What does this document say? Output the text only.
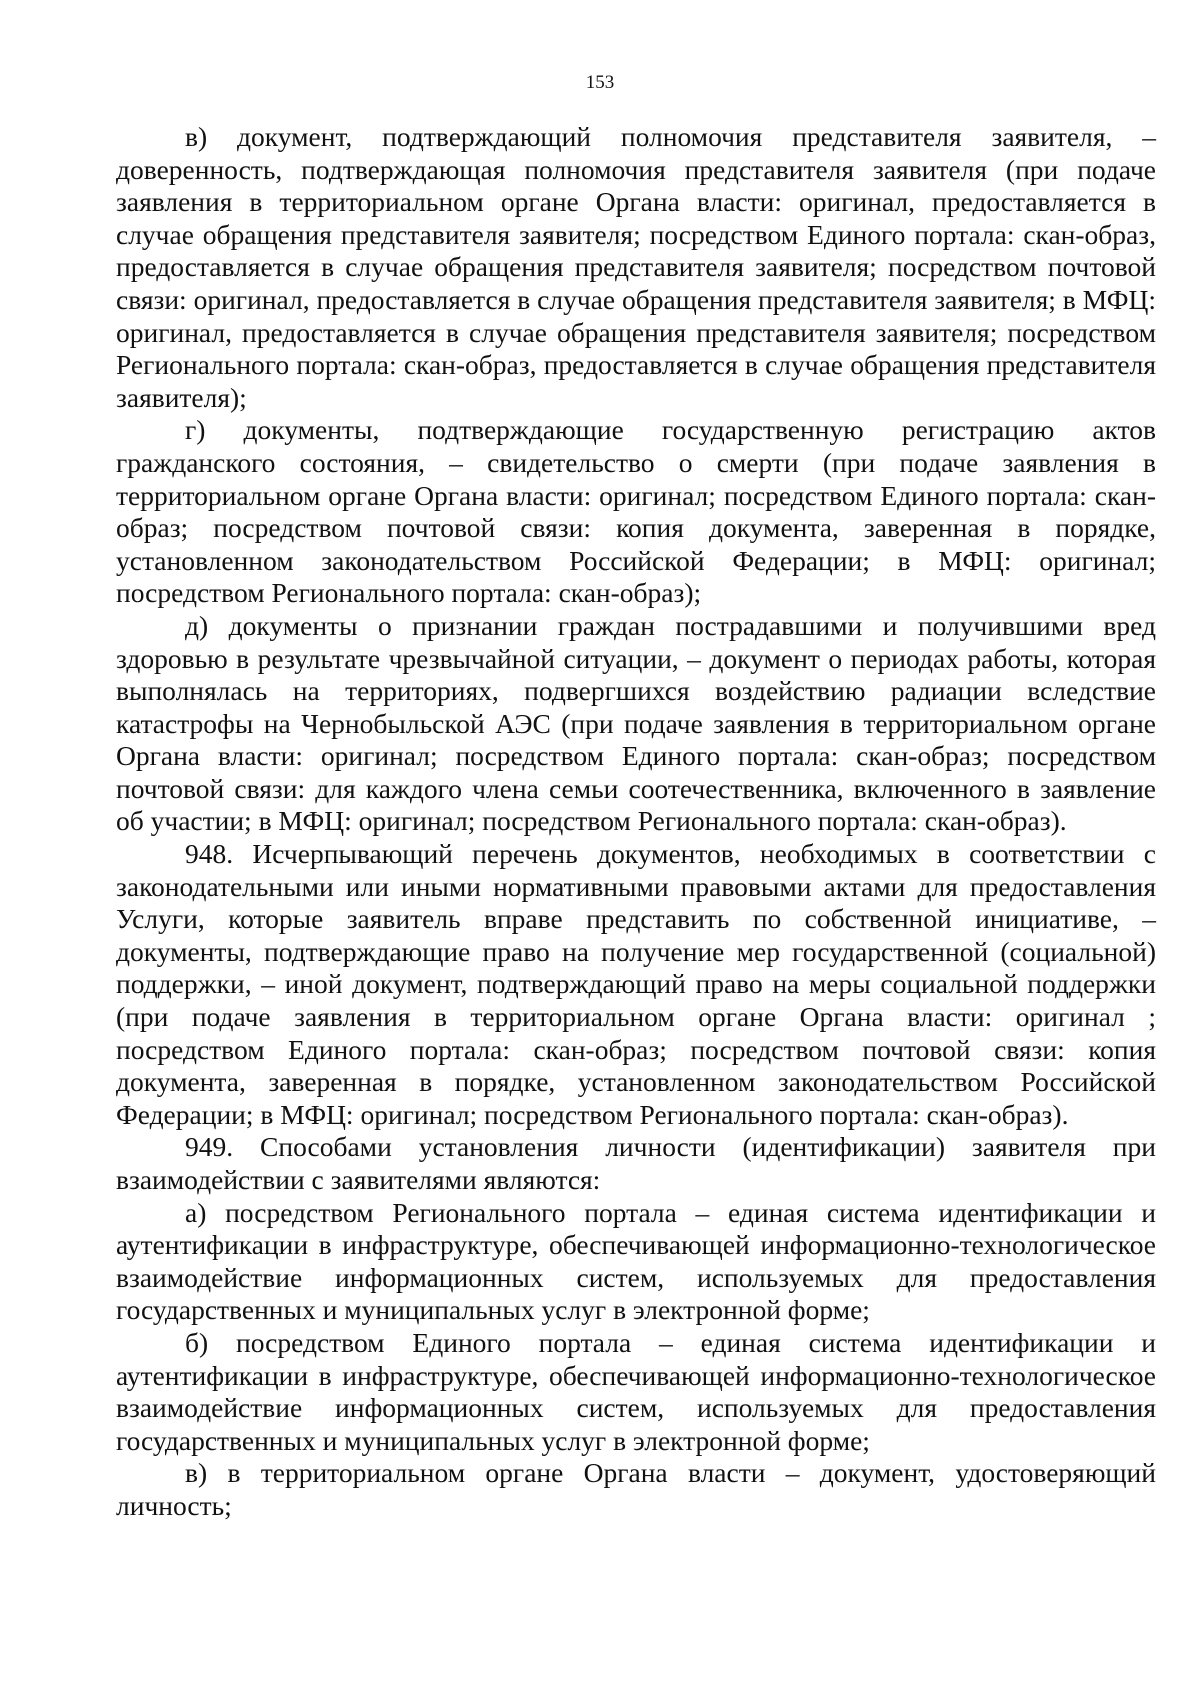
153

в) документ, подтверждающий полномочия представителя заявителя, – доверенность, подтверждающая полномочия представителя заявителя (при подаче заявления в территориальном органе Органа власти: оригинал, предоставляется в случае обращения представителя заявителя; посредством Единого портала: скан-образ, предоставляется в случае обращения представителя заявителя; посредством почтовой связи: оригинал, предоставляется в случае обращения представителя заявителя; в МФЦ: оригинал, предоставляется в случае обращения представителя заявителя; посредством Регионального портала: скан-образ, предоставляется в случае обращения представителя заявителя);

г) документы, подтверждающие государственную регистрацию актов гражданского состояния, – свидетельство о смерти (при подаче заявления в территориальном органе Органа власти: оригинал; посредством Единого портала: скан-образ; посредством почтовой связи: копия документа, заверенная в порядке, установленном законодательством Российской Федерации; в МФЦ: оригинал; посредством Регионального портала: скан-образ);

д) документы о признании граждан пострадавшими и получившими вред здоровью в результате чрезвычайной ситуации, – документ о периодах работы, которая выполнялась на территориях, подвергшихся воздействию радиации вследствие катастрофы на Чернобыльской АЭС (при подаче заявления в территориальном органе Органа власти: оригинал; посредством Единого портала: скан-образ; посредством почтовой связи: для каждого члена семьи соотечественника, включенного в заявление об участии; в МФЦ: оригинал; посредством Регионального портала: скан-образ).

948. Исчерпывающий перечень документов, необходимых в соответствии с законодательными или иными нормативными правовыми актами для предоставления Услуги, которые заявитель вправе представить по собственной инициативе, – документы, подтверждающие право на получение мер государственной (социальной) поддержки, – иной документ, подтверждающий право на меры социальной поддержки (при подаче заявления в территориальном органе Органа власти: оригинал ; посредством Единого портала: скан-образ; посредством почтовой связи: копия документа, заверенная в порядке, установленном законодательством Российской Федерации; в МФЦ: оригинал; посредством Регионального портала: скан-образ).

949. Способами установления личности (идентификации) заявителя при взаимодействии с заявителями являются:

а) посредством Регионального портала – единая система идентификации и аутентификации в инфраструктуре, обеспечивающей информационно-технологическое взаимодействие информационных систем, используемых для предоставления государственных и муниципальных услуг в электронной форме;

б) посредством Единого портала – единая система идентификации и аутентификации в инфраструктуре, обеспечивающей информационно-технологическое взаимодействие информационных систем, используемых для предоставления государственных и муниципальных услуг в электронной форме;

в) в территориальном органе Органа власти – документ, удостоверяющий личность;
